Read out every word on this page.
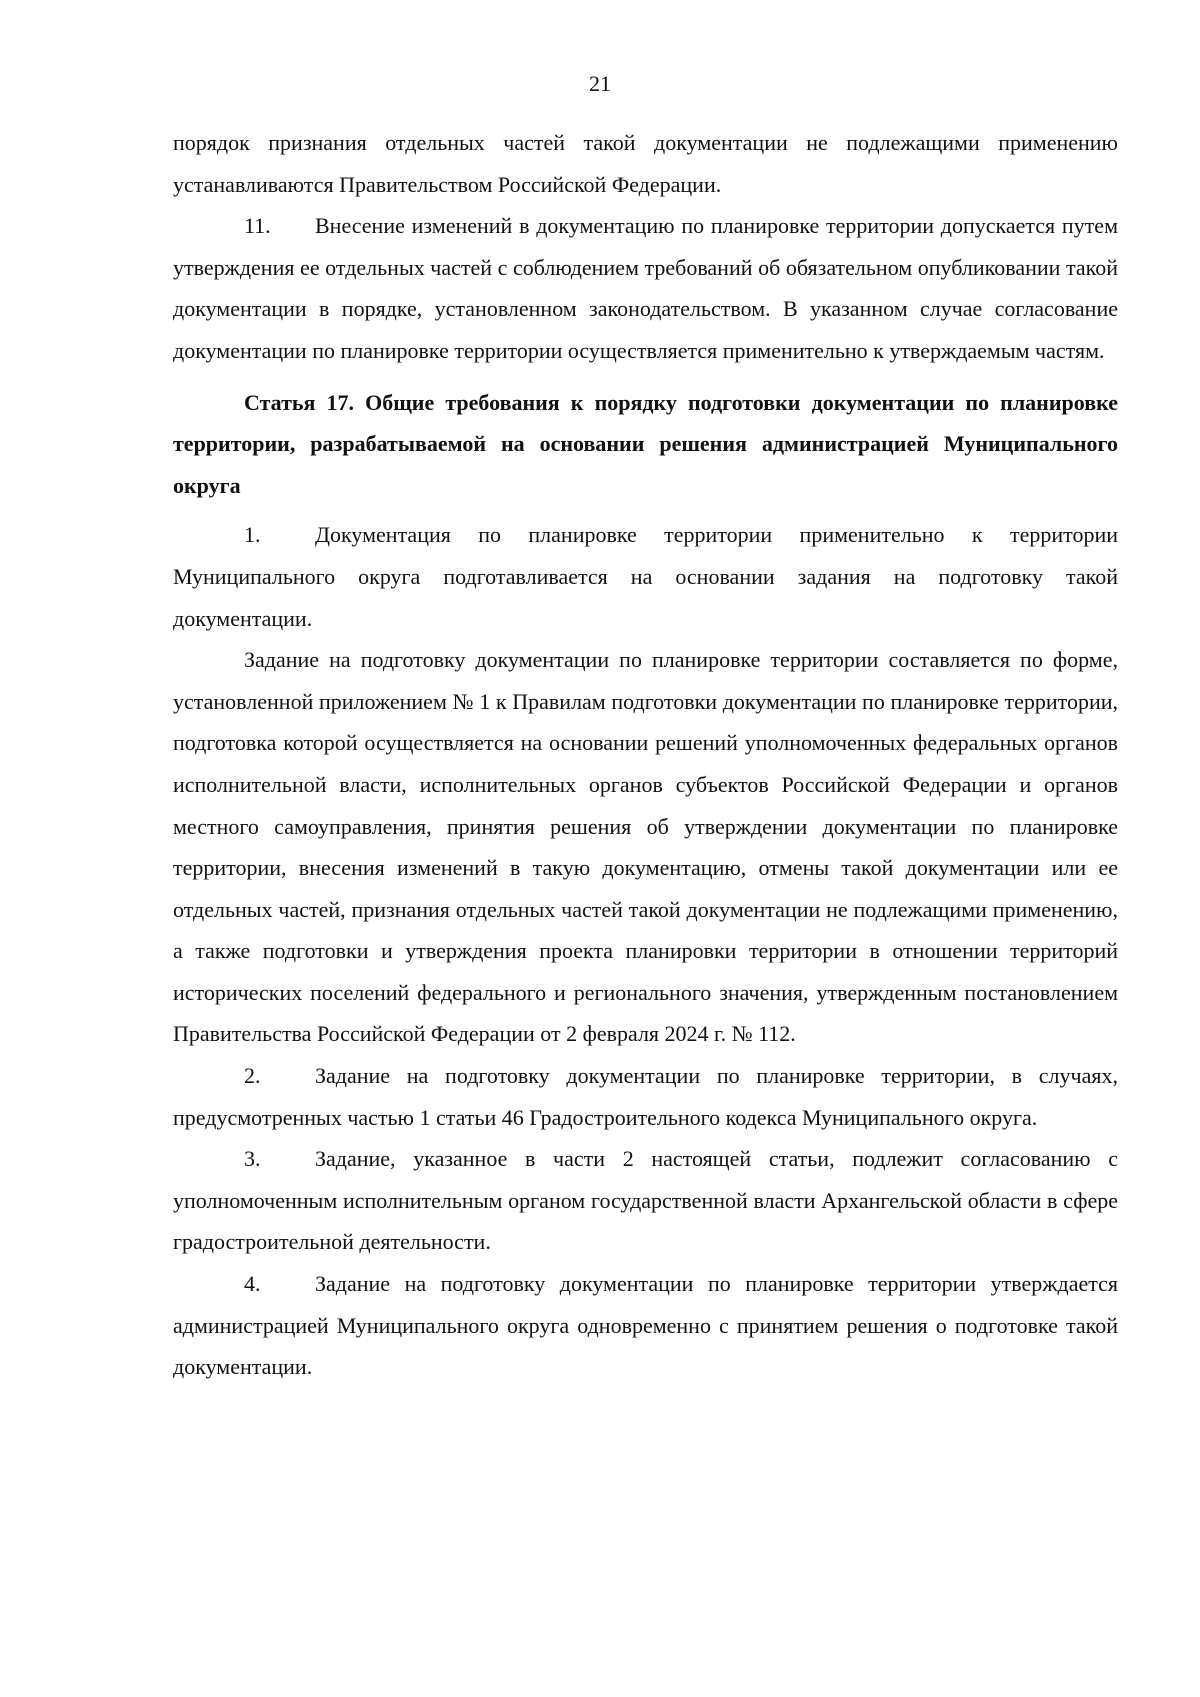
21

порядок признания отдельных частей такой документации не подлежащими применению устанавливаются Правительством Российской Федерации.

11. Внесение изменений в документацию по планировке территории допускается путем утверждения ее отдельных частей с соблюдением требований об обязательном опубликовании такой документации в порядке, установленном законодательством. В указанном случае согласование документации по планировке территории осуществляется применительно к утверждаемым частям.

Статья 17. Общие требования к порядку подготовки документации по планировке территории, разрабатываемой на основании решения администрацией Муниципального округа

1. Документация по планировке территории применительно к территории Муниципального округа подготавливается на основании задания на подготовку такой документации.

Задание на подготовку документации по планировке территории составляется по форме, установленной приложением № 1 к Правилам подготовки документации по планировке территории, подготовка которой осуществляется на основании решений уполномоченных федеральных органов исполнительной власти, исполнительных органов субъектов Российской Федерации и органов местного самоуправления, принятия решения об утверждении документации по планировке территории, внесения изменений в такую документацию, отмены такой документации или ее отдельных частей, признания отдельных частей такой документации не подлежащими применению, а также подготовки и утверждения проекта планировки территории в отношении территорий исторических поселений федерального и регионального значения, утвержденным постановлением Правительства Российской Федерации от 2 февраля 2024 г. № 112.

2. Задание на подготовку документации по планировке территории, в случаях, предусмотренных частью 1 статьи 46 Градостроительного кодекса Муниципального округа.

3. Задание, указанное в части 2 настоящей статьи, подлежит согласованию с уполномоченным исполнительным органом государственной власти Архангельской области в сфере градостроительной деятельности.

4. Задание на подготовку документации по планировке территории утверждается администрацией Муниципального округа одновременно с принятием решения о подготовке такой документации.
